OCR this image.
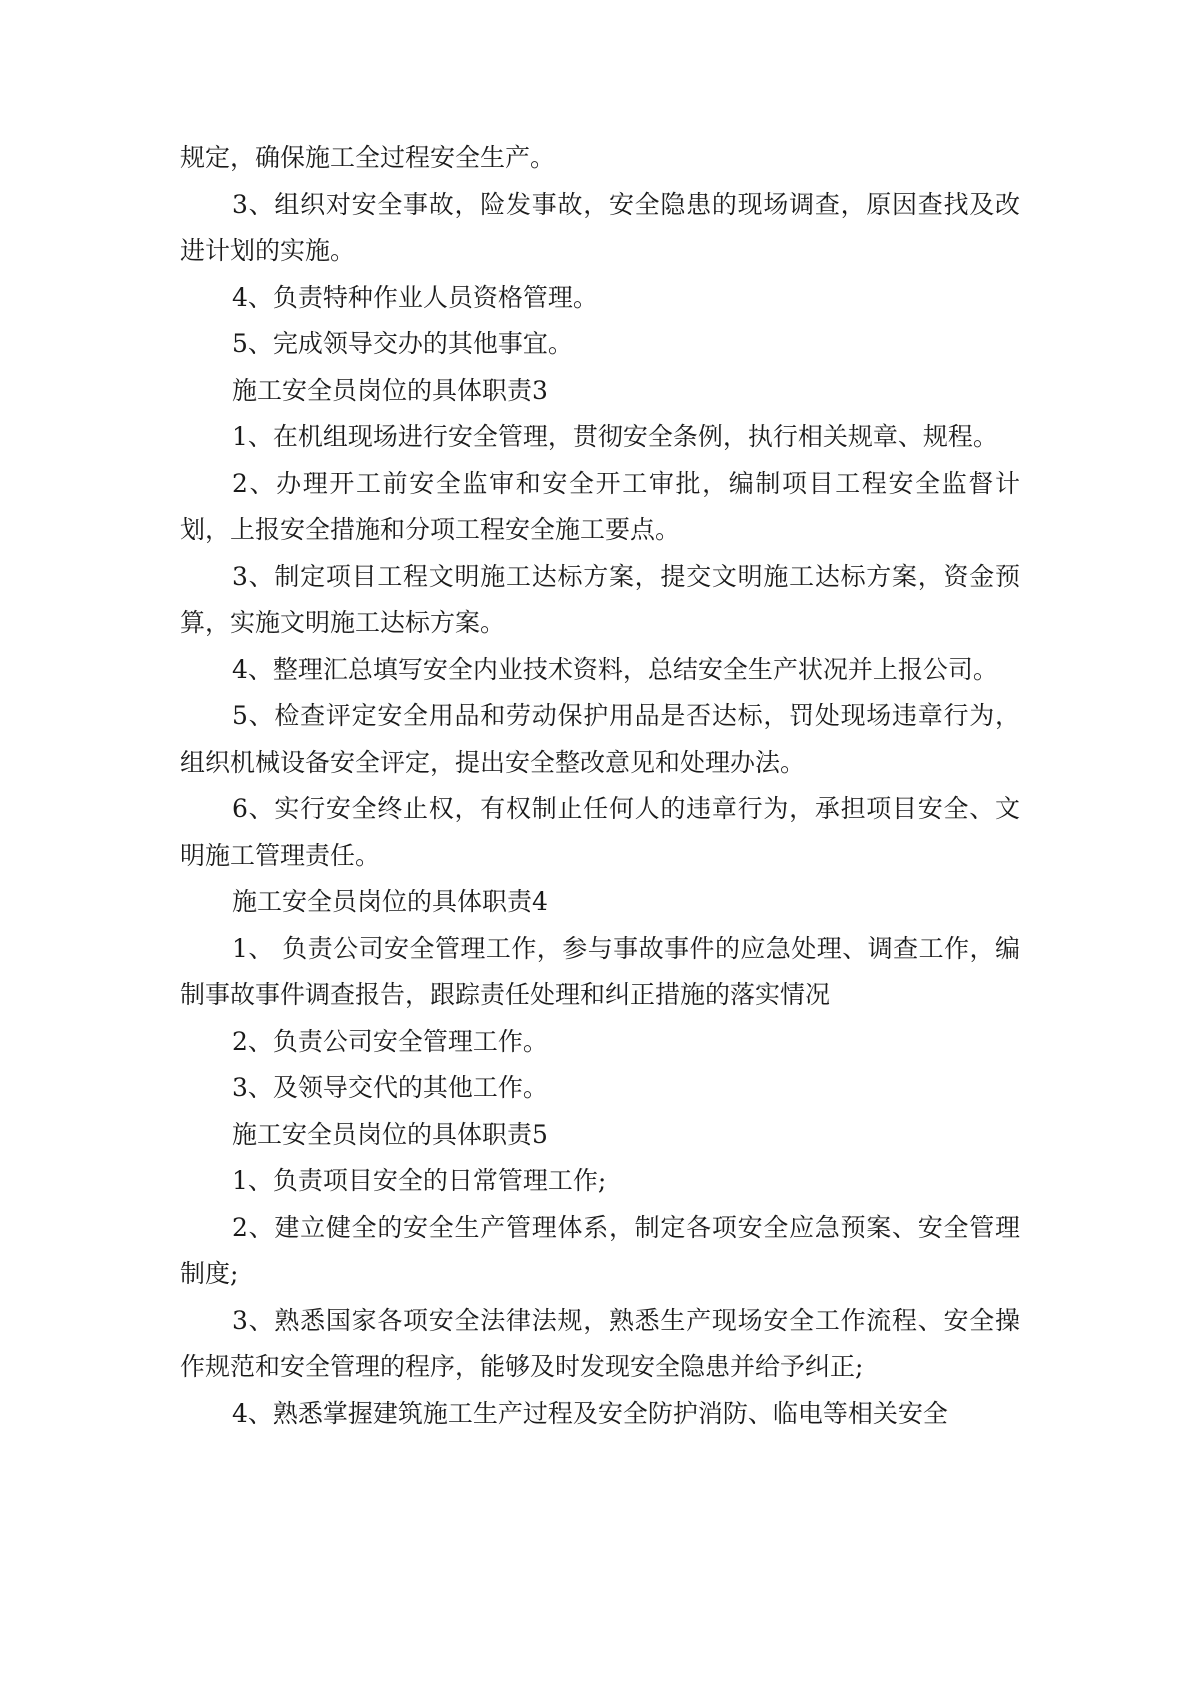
规定，确保施工全过程安全生产。

3、组织对安全事故，险发事故，安全隐患的现场调查，原因查找及改进计划的实施。

4、负责特种作业人员资格管理。

5、完成领导交办的其他事宜。

施工安全员岗位的具体职责3

1、在机组现场进行安全管理，贯彻安全条例，执行相关规章、规程。

2、办理开工前安全监审和安全开工审批，编制项目工程安全监督计划，上报安全措施和分项工程安全施工要点。

3、制定项目工程文明施工达标方案，提交文明施工达标方案，资金预算，实施文明施工达标方案。

4、整理汇总填写安全内业技术资料，总结安全生产状况并上报公司。

5、检查评定安全用品和劳动保护用品是否达标，罚处现场违章行为，组织机械设备安全评定，提出安全整改意见和处理办法。

6、实行安全终止权，有权制止任何人的违章行为，承担项目安全、文明施工管理责任。

施工安全员岗位的具体职责4

1、 负责公司安全管理工作，参与事故事件的应急处理、调查工作，编制事故事件调查报告，跟踪责任处理和纠正措施的落实情况

2、负责公司安全管理工作。

3、及领导交代的其他工作。

施工安全员岗位的具体职责5

1、负责项目安全的日常管理工作;

2、建立健全的安全生产管理体系，制定各项安全应急预案、安全管理制度;

3、熟悉国家各项安全法律法规，熟悉生产现场安全工作流程、安全操作规范和安全管理的程序，能够及时发现安全隐患并给予纠正;

4、熟悉掌握建筑施工生产过程及安全防护消防、临电等相关安全
